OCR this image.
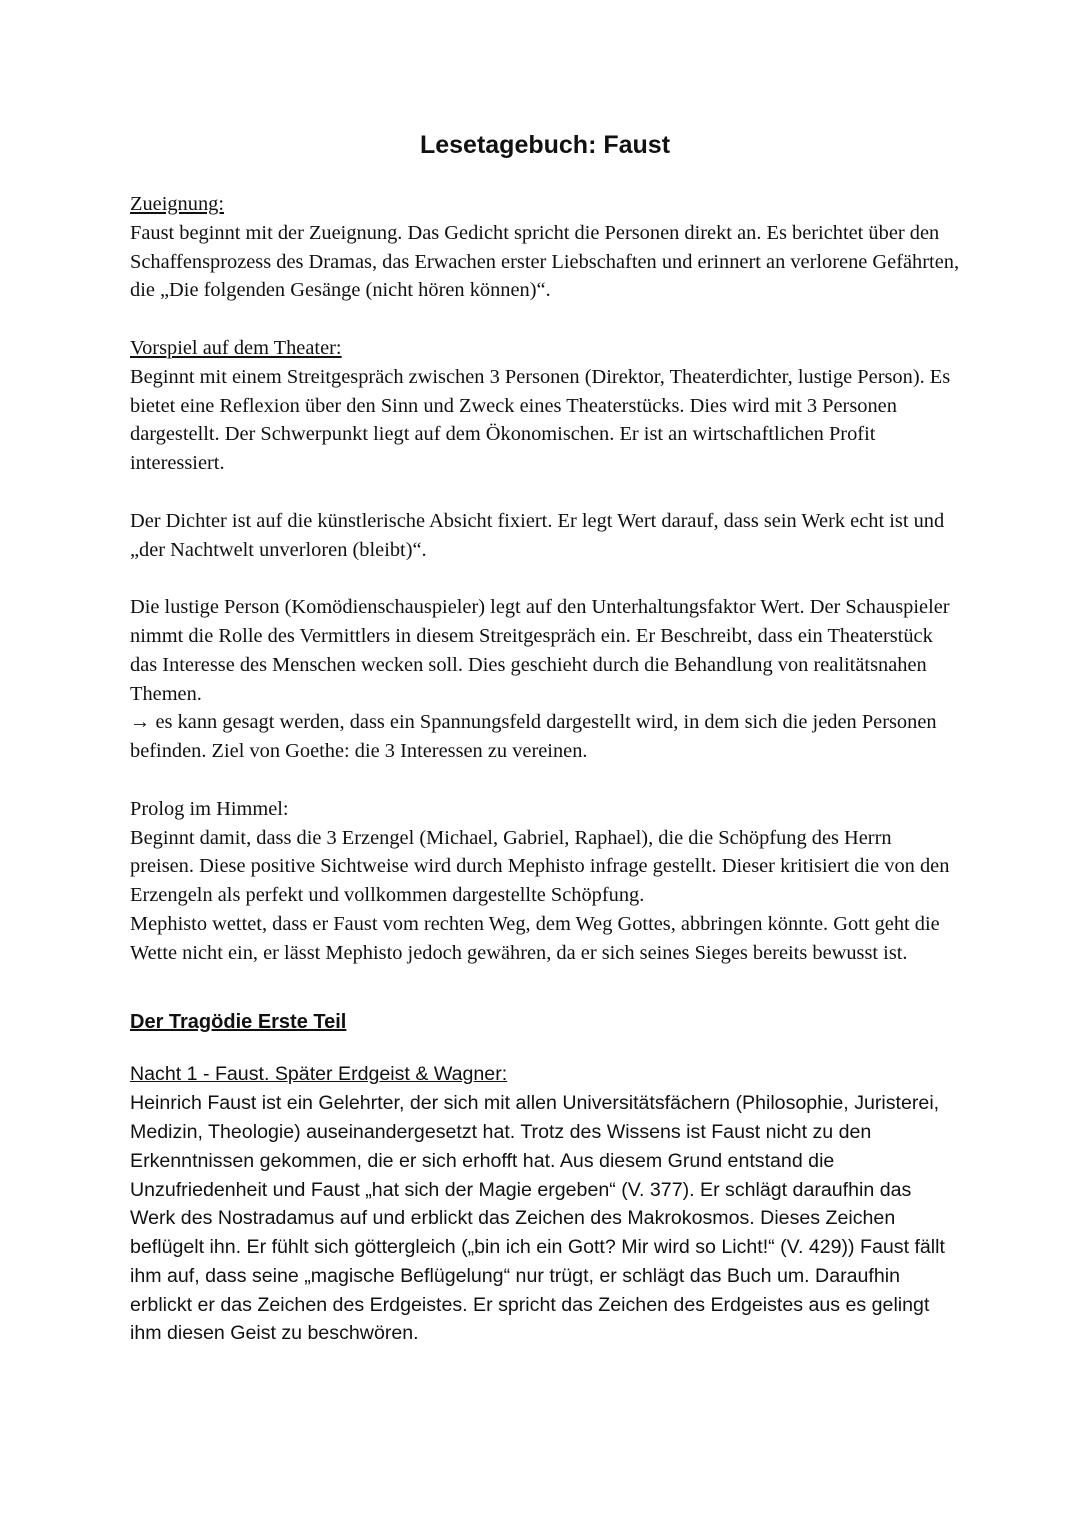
Lesetagebuch: Faust

Zueignung:

Faust beginnt mit der Zueignung. Das Gedicht spricht die Personen direkt an. Es berichtet über den Schaffensprozess des Dramas, das Erwachen erster Liebschaften und erinnert an verlorene Gefährten, die „Die folgenden Gesänge (nicht hören können)“.

Vorspiel auf dem Theater:

Beginnt mit einem Streitgespräch zwischen 3 Personen (Direktor, Theaterdichter, lustige Person). Es bietet eine Reflexion über den Sinn und Zweck eines Theaterstücks. Dies wird mit 3 Personen dargestellt. Der Schwerpunkt liegt auf dem Ökonomischen. Er ist an wirtschaftlichen Profit interessiert.

Der Dichter ist auf die künstlerische Absicht fixiert. Er legt Wert darauf, dass sein Werk echt ist und „der Nachtwelt unverloren (bleibt)“.

Die lustige Person (Komödienschauspieler) legt auf den Unterhaltungsfaktor Wert. Der Schauspieler nimmt die Rolle des Vermittlers in diesem Streitgespräch ein. Er Beschreibt, dass ein Theaterstück das Interesse des Menschen wecken soll. Dies geschieht durch die Behandlung von realitätsnahen Themen.

→ es kann gesagt werden, dass ein Spannungsfeld dargestellt wird, in dem sich die jeden Personen befinden. Ziel von Goethe: die 3 Interessen zu vereinen.

Prolog im Himmel:

Beginnt damit, dass die 3 Erzengel (Michael, Gabriel, Raphael), die die Schöpfung des Herrn preisen. Diese positive Sichtweise wird durch Mephisto infrage gestellt. Dieser kritisiert die von den Erzengeln als perfekt und vollkommen dargestellte Schöpfung.

Mephisto wettet, dass er Faust vom rechten Weg, dem Weg Gottes, abbringen könnte. Gott geht die Wette nicht ein, er lässt Mephisto jedoch gewähren, da er sich seines Sieges bereits bewusst ist.

Der Tragödie Erste Teil

Nacht 1 - Faust. Später Erdgeist & Wagner:

Heinrich Faust ist ein Gelehrter, der sich mit allen Universitätsfächern (Philosophie, Juristerei, Medizin, Theologie) auseinandergesetzt hat. Trotz des Wissens ist Faust nicht zu den Erkenntnissen gekommen, die er sich erhofft hat. Aus diesem Grund entstand die Unzufriedenheit und Faust „hat sich der Magie ergeben“ (V. 377). Er schlägt daraufhin das Werk des Nostradamus auf und erblickt das Zeichen des Makrokosmos. Dieses Zeichen beflügelt ihn. Er fühlt sich göttergleich („bin ich ein Gott? Mir wird so Licht!“ (V. 429)) Faust fällt ihm auf, dass seine „magische Beflügelung“ nur trügt, er schlägt das Buch um. Daraufhin erblickt er das Zeichen des Erdgeistes. Er spricht das Zeichen des Erdgeistes aus es gelingt ihm diesen Geist zu beschwören.
